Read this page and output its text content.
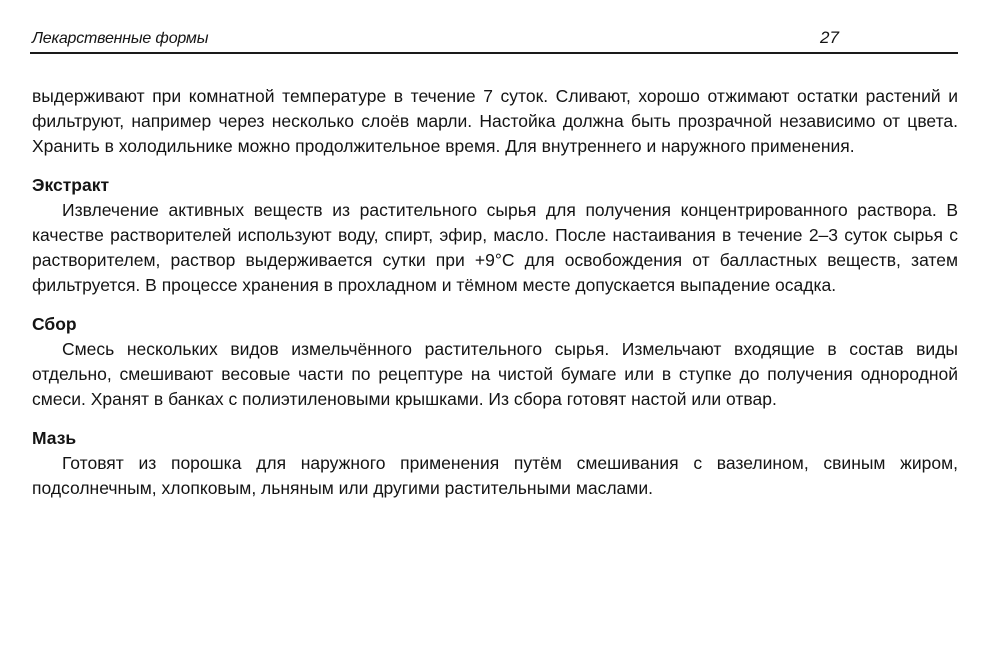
Лекарственные формы	27

выдерживают при комнатной температуре в течение 7 суток. Сливают, хорошо отжимают остатки растений и фильтруют, например через несколько слоёв марли. Настойка должна быть прозрачной независимо от цвета. Хранить в холодильнике можно продолжительное время. Для внутреннего и наружного применения.

Экстракт

Извлечение активных веществ из растительного сырья для получения концентрированного раствора. В качестве растворителей используют воду, спирт, эфир, масло. После настаивания в течение 2–3 суток сырья с растворителем, раствор выдерживается сутки при +9°С для освобождения от балластных веществ, затем фильтруется. В процессе хранения в прохладном и тёмном месте допускается выпадение осадка.

Сбор

Смесь нескольких видов измельчённого растительного сырья. Измельчают входящие в состав виды отдельно, смешивают весовые части по рецептуре на чистой бумаге или в ступке до получения однородной смеси. Хранят в банках с полиэтиленовыми крышками. Из сбора готовят настой или отвар.

Мазь

Готовят из порошка для наружного применения путём смешивания с вазелином, свиным жиром, подсолнечным, хлопковым, льняным или другими растительными маслами.
